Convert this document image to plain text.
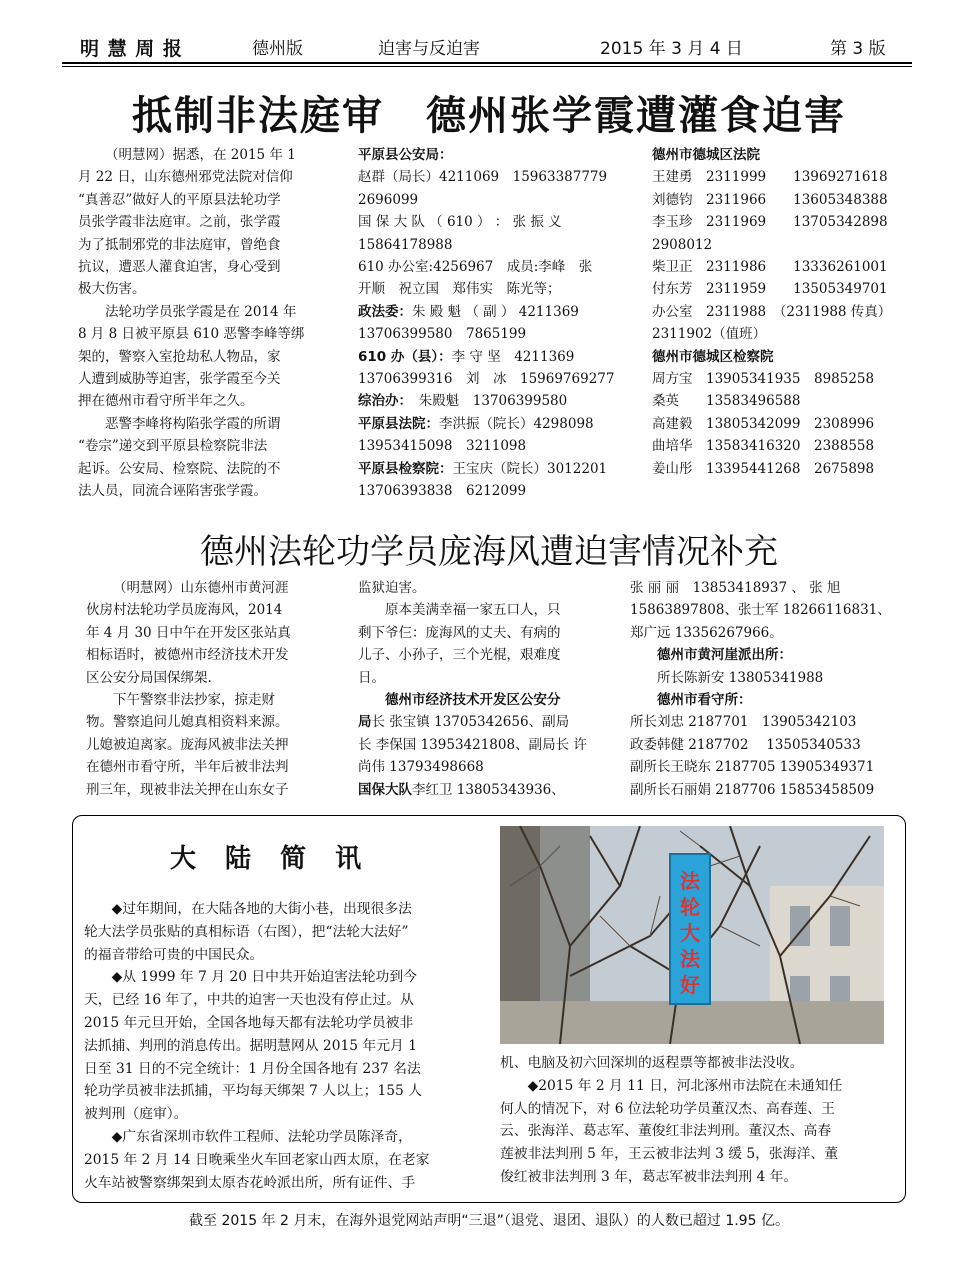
明 慧 周 报	德州版	迫害与反迫害	2015 年 3 月 4 日	第 3 版
抵制非法庭审　德州张学霞遭灌食迫害
（明慧网）据悉，在 2015 年 1
月 22 日，山东德州邪党法院对信仰
“真善忍”做好人的平原县法轮功学
员张学霞非法庭审。之前，张学霞
为了抵制邪党的非法庭审，曾绝食
抗议，遭恶人灌食迫害，身心受到
极大伤害。
法轮功学员张学霞是在 2014 年
8 月 8 日被平原县 610 恶警李峰等绑
架的，警察入室抢劫私人物品，家
人遭到威胁等迫害，张学霞至今关
押在德州市看守所半年之久。
恶警李峰将构陷张学霞的所谓
“卷宗”递交到平原县检察院非法
起诉。公安局、检察院、法院的不
法人员，同流合诬陷害张学霞。
平原县公安局：
赵群（局长）4211069　15963387779
2696099
国 保 大 队 （ 610 ） ： 张 振 义
15864178988
610 办公室:4256967　成员:李峰　张
开顺　祝立国　郑伟实　陈光等；
政法委：朱 殿 魁 （ 副 ） 4211369
13706399580　7865199
610 办（县）：李 守 坚　4211369
13706399316　刘　冰　15969769277
综治办：　朱殿魁　13706399580
平原县法院：李洪振（院长）4298098
13953415098　3211098
平原县检察院：王宝庆（院长）3012201
13706393838　6212099
德州市德城区法院
王建勇　2311999　　13969271618
刘德钧　2311966　　13605348388
李玉珍　2311969　　13705342898
2908012
柴卫正　2311986　　13336261001
付东芳　2311959　　13505349701
办公室　2311988　（2311988 传真）
2311902（值班）
德州市德城区检察院
周方宝　13905341935　8985258
桑英　　13583496588
高建毅　13805342099　2308996
曲培华　13583416320　2388558
姜山彤　13395441268　2675898
德州法轮功学员庞海风遭迫害情况补充
（明慧网）山东德州市黄河涯
伙房村法轮功学员庞海风，2014
年 4 月 30 日中午在开发区张站真
相标语时，被德州市经济技术开发
区公安分局国保绑架.
下午警察非法抄家，掠走财
物。警察追问儿媳真相资料来源。
儿媳被迫离家。庞海风被非法关押
在德州市看守所，半年后被非法判
刑三年，现被非法关押在山东女子
监狱迫害。
原本美满幸福一家五口人，只
剩下爷仨：庞海风的丈夫、有病的
儿子、小孙子，三个光棍，艰难度
日。
德州市经济技术开发区公安分
局长 张宝镇 13705342656、副局
长 李保国 13953421808、副局长 许
尚伟 13793498668
国保大队李红卫 13805343936、
张 丽 丽　13853418937 、 张 旭
15863897808、张士军 18266116831、
郑广远 13356267966。
德州市黄河崖派出所：
所长陈新安 13805341988
德州市看守所：
所长刘忠 2187701　13905342103
政委韩健 2187702　 13505340533
副所长王晓东 2187705 13905349371
副所长石丽娟 2187706 15853458509
大 陆 简 讯
法
轮
大
法
好
◆过年期间，在大陆各地的大街小巷，出现很多法
轮大法学员张贴的真相标语（右图），把“法轮大法好”
的福音带给可贵的中国民众。
◆从 1999 年 7 月 20 日中共开始迫害法轮功到今
天，已经 16 年了，中共的迫害一天也没有停止过。从
2015 年元旦开始，全国各地每天都有法轮功学员被非
法抓捕、判刑的消息传出。据明慧网从 2015 年元月 1
日至 31 日的不完全统计：1 月份全国各地有 237 名法
轮功学员被非法抓捕，平均每天绑架 7 人以上；155 人
被判刑（庭审）。
◆广东省深圳市软件工程师、法轮功学员陈泽奇，
2015 年 2 月 14 日晚乘坐火车回老家山西太原，在老家
火车站被警察绑架到太原杏花岭派出所，所有证件、手
机、电脑及初六回深圳的返程票等都被非法没收。
◆2015 年 2 月 11 日，河北涿州市法院在未通知任
何人的情况下，对 6 位法轮功学员董汉杰、高春莲、王
云、张海洋、葛志军、董俊红非法判刑。董汉杰、高春
莲被非法判刑 5 年，王云被非法判 3 缓 5，张海洋、董
俊红被非法判刑 3 年，葛志军被非法判刑 4 年。
截至 2015 年 2 月末，在海外退党网站声明“三退”（退党、退团、退队）的人数已超过 1.95 亿。
